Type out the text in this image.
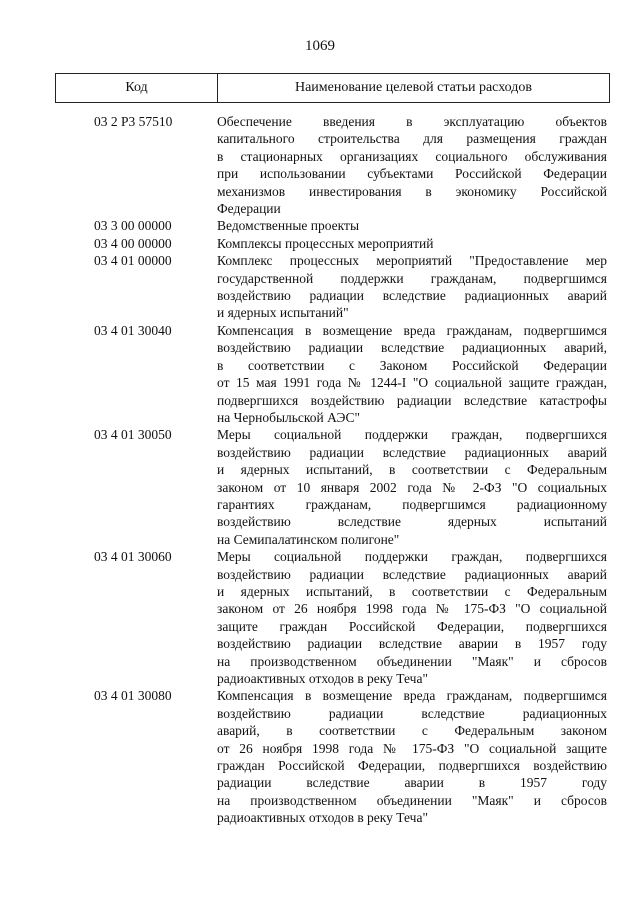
1069
Код	Наименование целевой статьи расходов
03 2 Р3 57510	Обеспечение введения в эксплуатацию объектов
капитального строительства для размещения граждан
в стационарных организациях социального обслуживания
при использовании субъектами Российской Федерации
механизмов инвестирования в экономику Российской
Федерации
03 3 00 00000	Ведомственные проекты
03 4 00 00000	Комплексы процессных мероприятий
03 4 01 00000	Комплекс процессных мероприятий "Предоставление мер
государственной поддержки гражданам, подвергшимся
воздействию радиации вследствие радиационных аварий
и ядерных испытаний"
03 4 01 30040	Компенсация в возмещение вреда гражданам, подвергшимся
воздействию радиации вследствие радиационных аварий,
в соответствии с Законом Российской Федерации
от 15 мая 1991 года № 1244-I "О социальной защите граждан,
подвергшихся воздействию радиации вследствие катастрофы
на Чернобыльской АЭС"
03 4 01 30050	Меры социальной поддержки граждан, подвергшихся
воздействию радиации вследствие радиационных аварий
и ядерных испытаний, в соответствии с Федеральным
законом от 10 января 2002 года № 2-ФЗ "О социальных
гарантиях гражданам, подвергшимся радиационному
воздействию вследствие ядерных испытаний
на Семипалатинском полигоне"
03 4 01 30060	Меры социальной поддержки граждан, подвергшихся
воздействию радиации вследствие радиационных аварий
и ядерных испытаний, в соответствии с Федеральным
законом от 26 ноября 1998 года № 175-ФЗ "О социальной
защите граждан Российской Федерации, подвергшихся
воздействию радиации вследствие аварии в 1957 году
на производственном объединении "Маяк" и сбросов
радиоактивных отходов в реку Теча"
03 4 01 30080	Компенсация в возмещение вреда гражданам, подвергшимся
воздействию радиации вследствие радиационных
аварий, в соответствии с Федеральным законом
от 26 ноября 1998 года № 175-ФЗ "О социальной защите
граждан Российской Федерации, подвергшихся воздействию
радиации вследствие аварии в 1957 году
на производственном объединении "Маяк" и сбросов
радиоактивных отходов в реку Теча"
